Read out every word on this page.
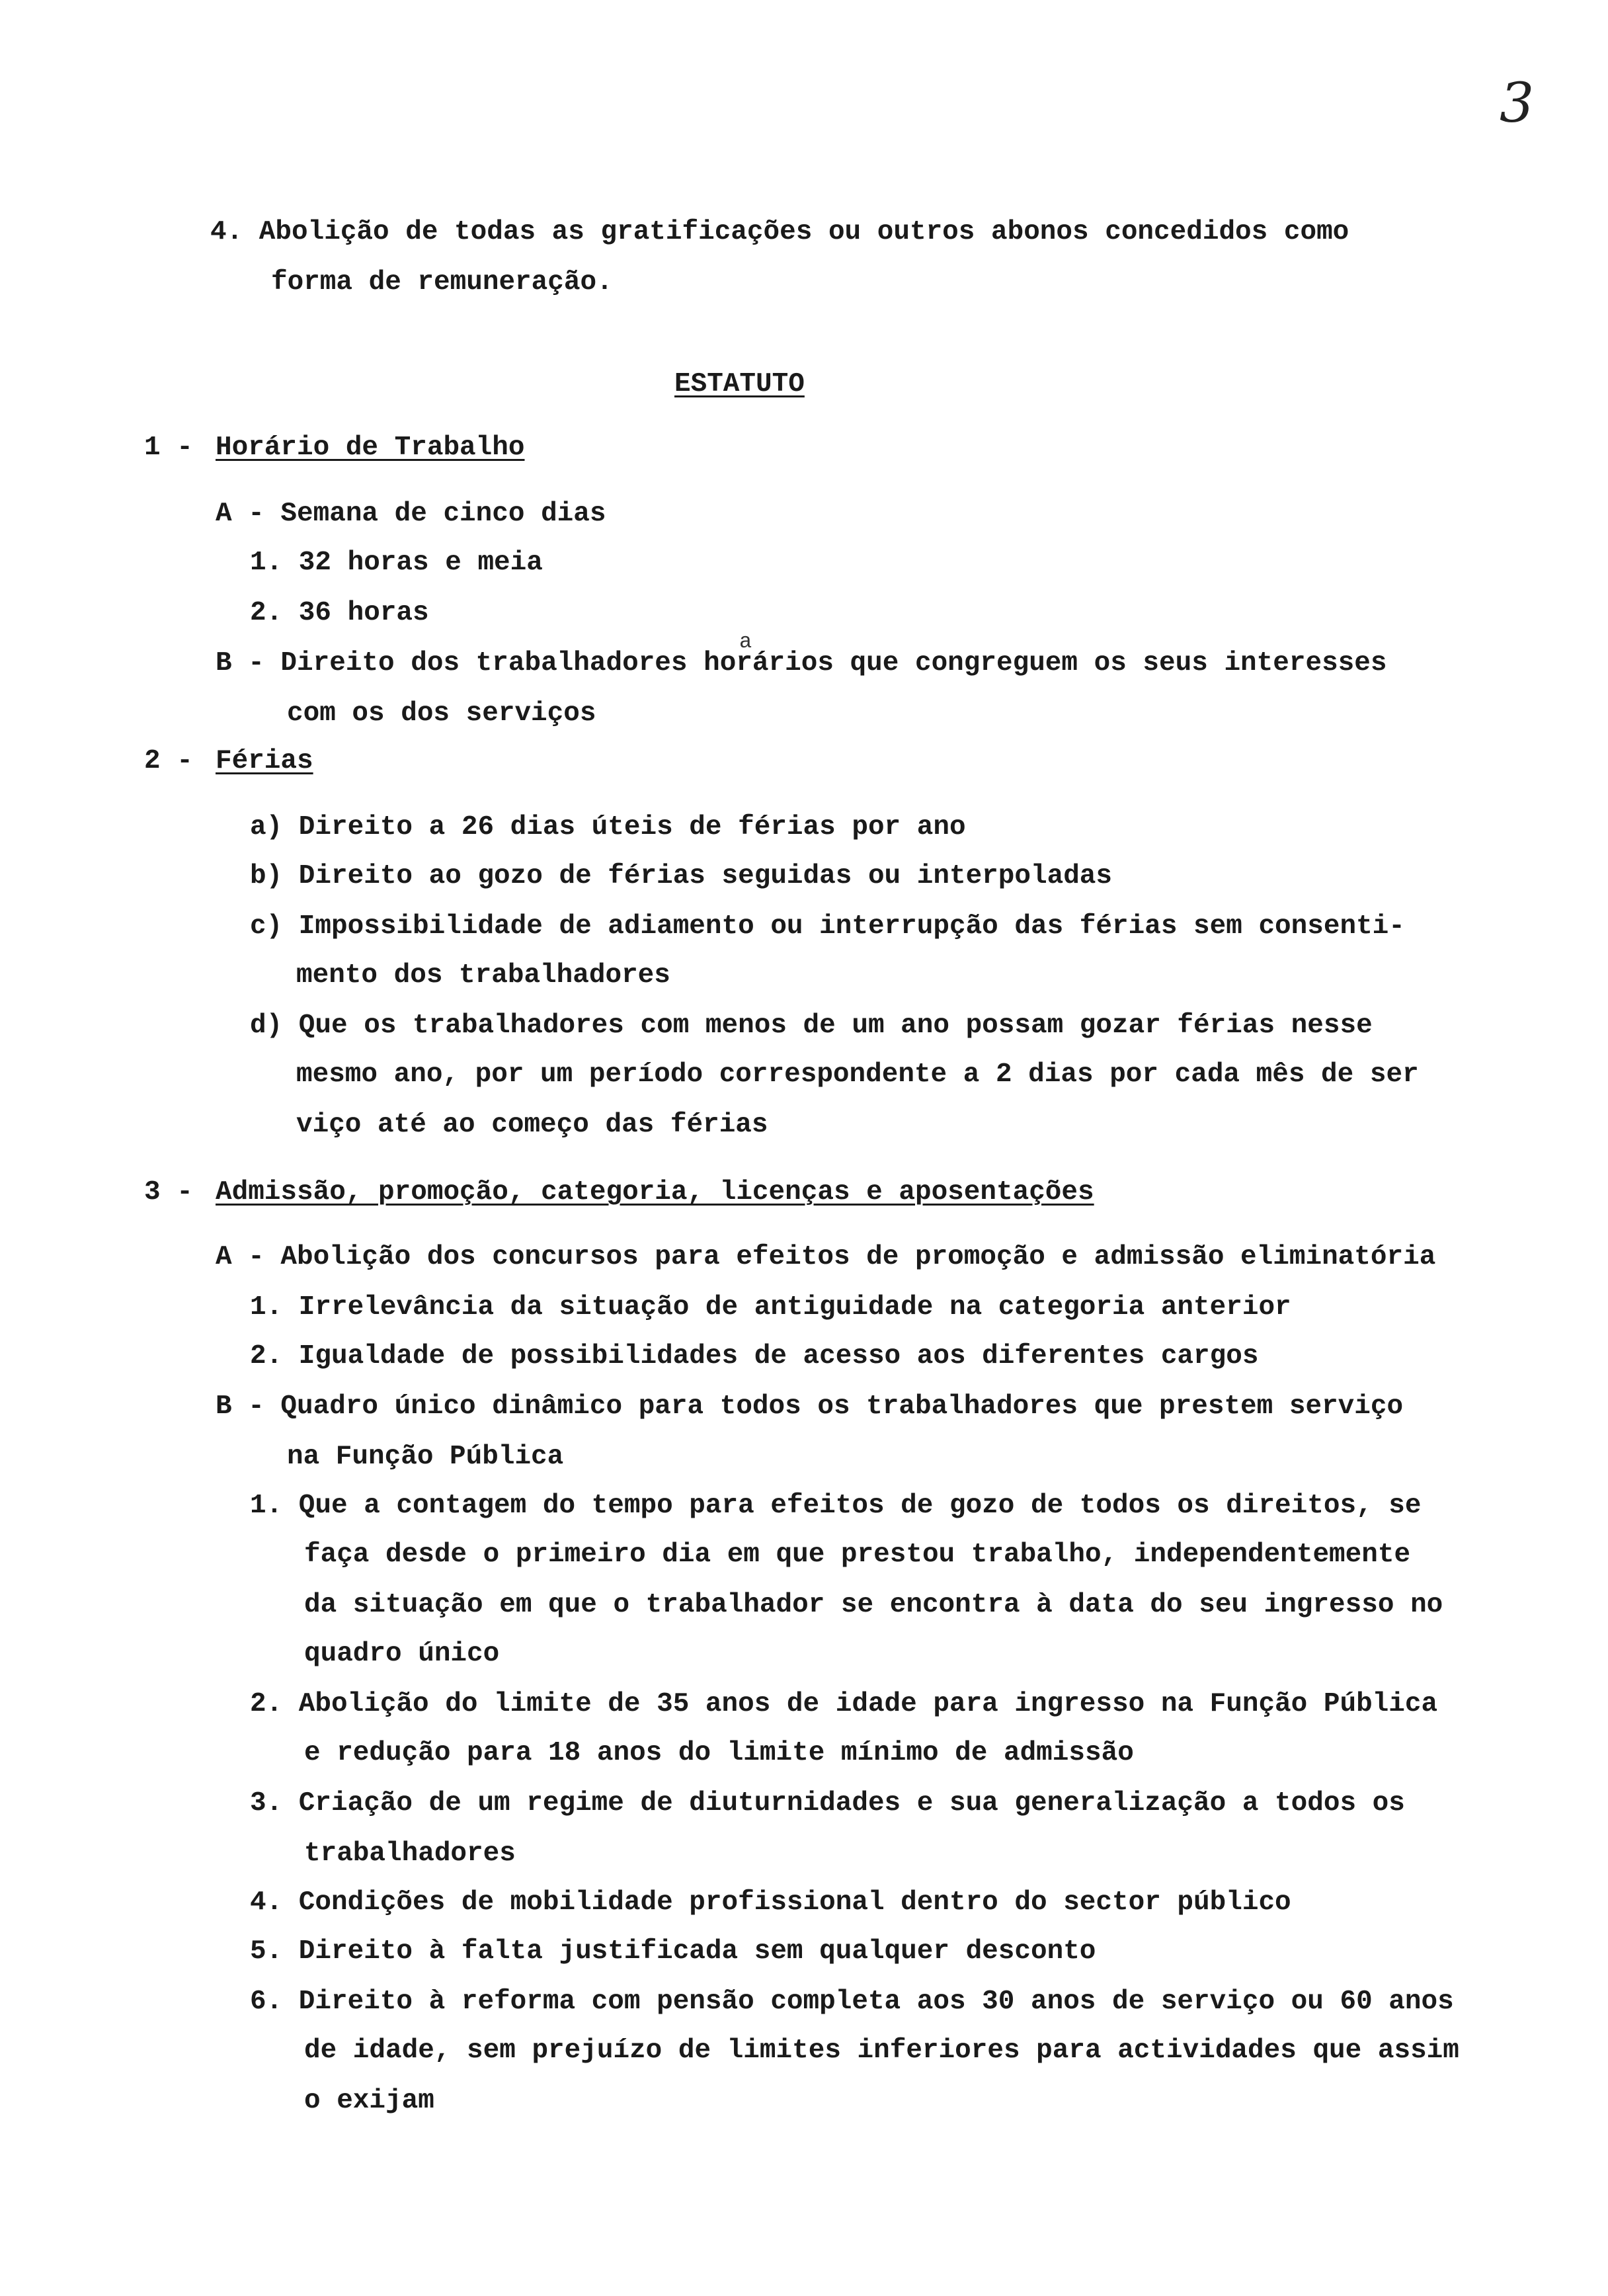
3
4. Abolição de todas as gratificações ou outros abonos concedidos como
forma de remuneração.
ESTATUTO
1 - Horário de Trabalho
A - Semana de cinco dias
1. 32 horas e meia
2. 36 horas
a
B - Direito dos trabalhadores horários que congreguem os seus interesses
com os dos serviços
2 - Férias
a) Direito a 26 dias úteis de férias por ano
b) Direito ao gozo de férias seguidas ou interpoladas
c) Impossibilidade de adiamento ou interrupção das férias sem consenti-
mento dos trabalhadores
d) Que os trabalhadores com menos de um ano possam gozar férias nesse
mesmo ano, por um período correspondente a 2 dias por cada mês de ser
viço até ao começo das férias
3 - Admissão, promoção, categoria, licenças e aposentações
A - Abolição dos concursos para efeitos de promoção e admissão eliminatória
1. Irrelevância da situação de antiguidade na categoria anterior
2. Igualdade de possibilidades de acesso aos diferentes cargos
B - Quadro único dinâmico para todos os trabalhadores que prestem serviço
na Função Pública
1. Que a contagem do tempo para efeitos de gozo de todos os direitos, se
faça desde o primeiro dia em que prestou trabalho, independentemente
da situação em que o trabalhador se encontra à data do seu ingresso no
quadro único
2. Abolição do limite de 35 anos de idade para ingresso na Função Pública
e redução para 18 anos do limite mínimo de admissão
3. Criação de um regime de diuturnidades e sua generalização a todos os
trabalhadores
4. Condições de mobilidade profissional dentro do sector público
5. Direito à falta justificada sem qualquer desconto
6. Direito à reforma com pensão completa aos 30 anos de serviço ou 60 anos
de idade, sem prejuízo de limites inferiores para actividades que assim
o exijam
